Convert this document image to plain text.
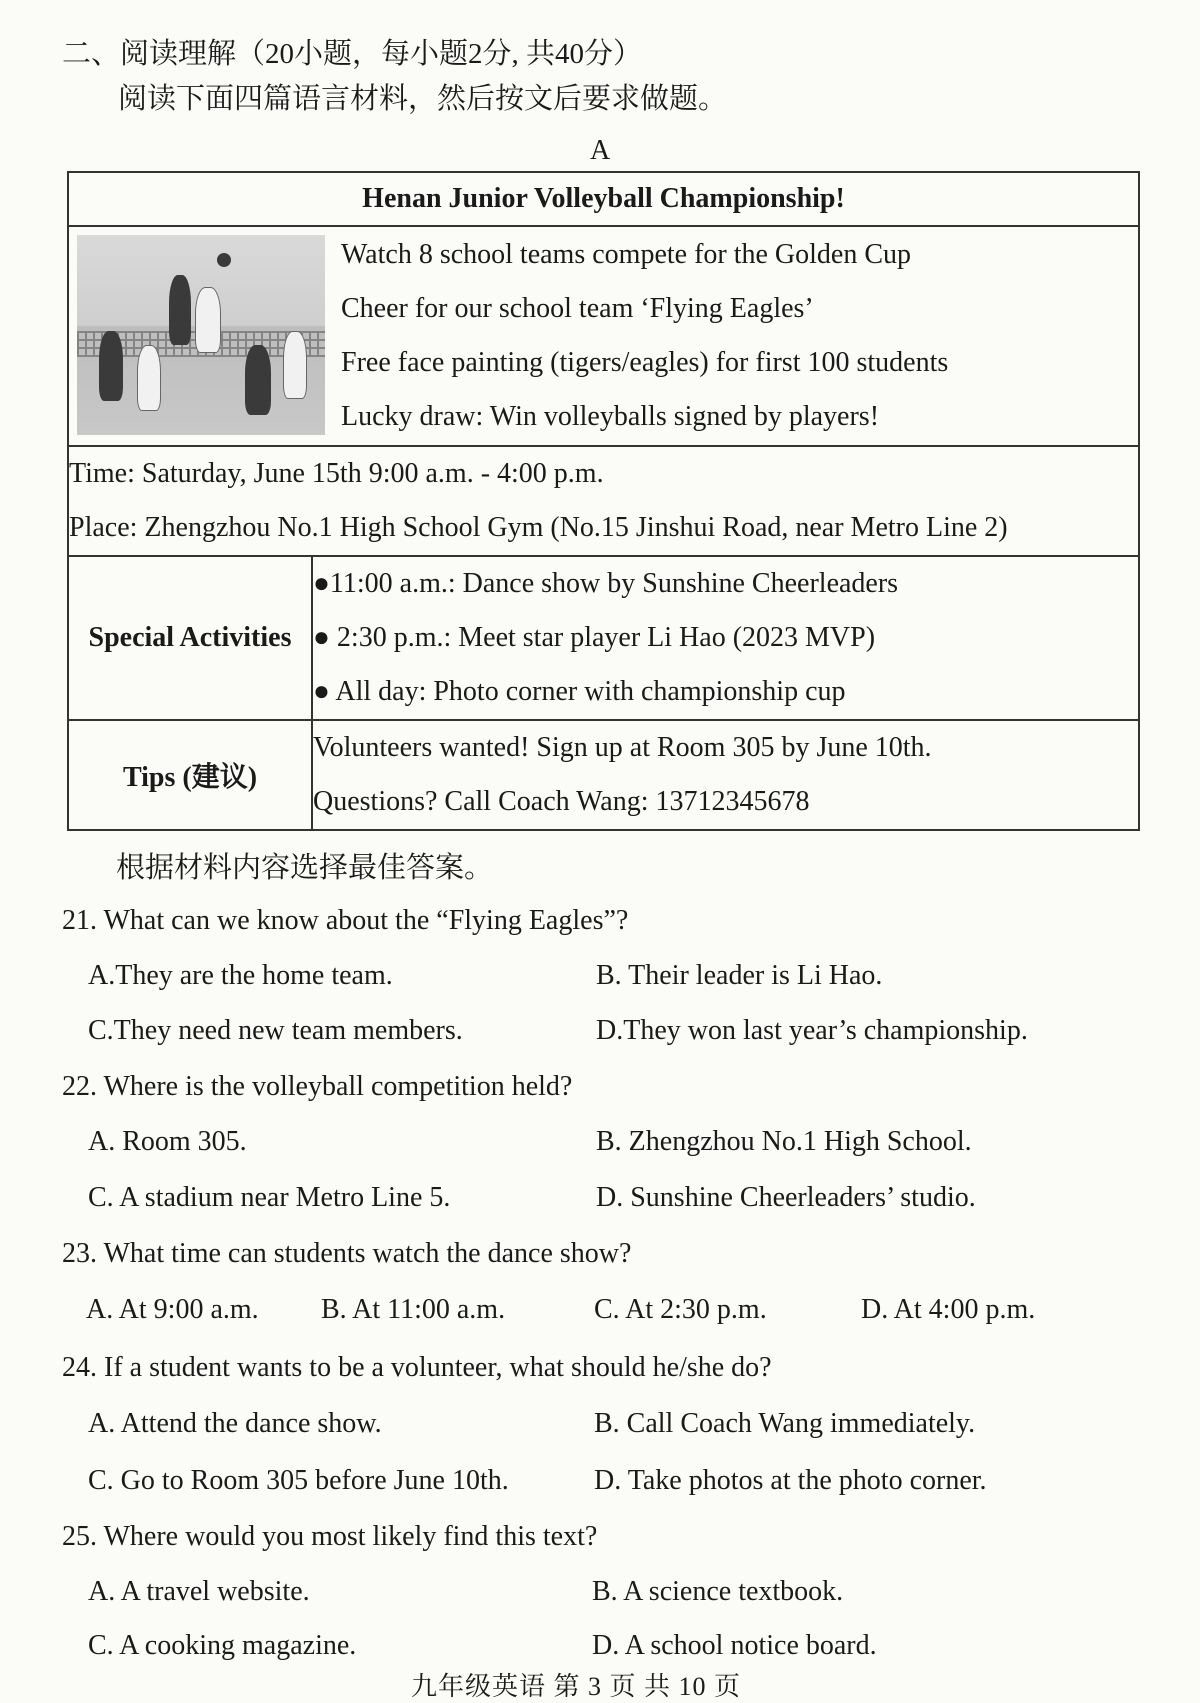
二、阅读理解（20小题，每小题2分, 共40分）
阅读下面四篇语言材料，然后按文后要求做题。
A
Henan Junior Volleyball Championship!	

Watch 8 school teams compete for the Golden Cup
Cheer for our school team ‘Flying Eagles’
Free face painting (tigers/eagles) for first 100 students
Lucky draw: Win volleyballs signed by players!	

Time: Saturday, June 15th 9:00 a.m. - 4:00 p.m.
Place: Zhengzhou No.1 High School Gym (No.15 Jinshui Road, near Metro Line 2)	

Special Activities	●11:00 a.m.: Dance show by Sunshine Cheerleaders
● 2:30 p.m.: Meet star player Li Hao (2023 MVP)
● All day: Photo corner with championship cup

Tips (建议)	Volunteers wanted! Sign up at Room 305 by June 10th.
Questions? Call Coach Wang: 13712345678
根据材料内容选择最佳答案。
21. What can we know about the “Flying Eagles”?
A.They are the home team.	B. Their leader is Li Hao.
C.They need new team members.	D.They won last year’s championship.
22. Where is the volleyball competition held?
A. Room 305.	B. Zhengzhou No.1 High School.
C. A stadium near Metro Line 5.	D. Sunshine Cheerleaders’ studio.
23. What time can students watch the dance show?
A. At 9:00 a.m. B. At 11:00 a.m.	C. At 2:30 p.m.	D. At 4:00 p.m.
24. If a student wants to be a volunteer, what should he/she do?
A. Attend the dance show.	B. Call Coach Wang immediately.
C. Go to Room 305 before June 10th.	D. Take photos at the photo corner.
25. Where would you most likely find this text?
A. A travel website.	B. A science textbook.
C. A cooking magazine.	D. A school notice board.
九年级英语 第 3 页 共 10 页
